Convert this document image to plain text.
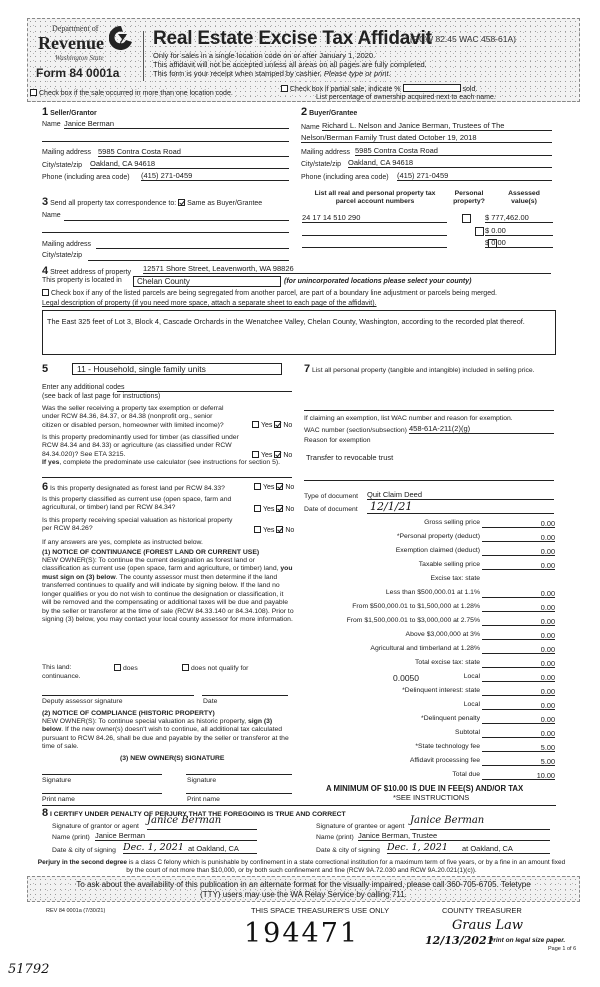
Department of
Revenue
Washington State
Form 84 0001a
Real Estate Excise Tax Affidavit
(RCW 82.45 WAC 458-61A)
Only for sales in a single location code on or after January 1, 2020.
This affidavit will not be accepted unless all areas on all pages are fully completed.
This form is your receipt when stamped by cashier. Please type or print.
Check box if the sale occurred in more than one location code.
Check box if partial sale, indicate %	sold.
List percentage of ownership acquired next to each name.
1 Seller/Grantor
Name Janice Berman
Mailing address 5985 Contra Costa Road
City/state/zip Oakland, CA 94618
Phone (including area code) (415) 271-0459
3 Send all property tax correspondence to: Same as Buyer/Grantee
Name
Mailing address
City/state/zip
2 Buyer/Grantee
Name Richard L. Nelson and Janice Berman, Trustees of The
Nelson/Berman Family Trust dated October 19, 2018
Mailing address 5985 Contra Costa Road
City/state/zip Oakland, CA 94618
Phone (including area code) (415) 271-0459
List all real and personal property tax parcel account numbers
Personal property?
Assessed value(s)
24 17 14 510 290
	$ 777,462.00

$ 0.00
$ 0.00
4 Street address of property 12571 Shore Street, Leavenworth, WA 98826
This property is located in	Chelan County	(for unincorporated locations please select your county)
Check box if any of the listed parcels are being segregated from another parcel, are part of a boundary line adjustment or parcels being merged.
Legal description of property (if you need more space, attach a separate sheet to each page of the affidavit).
The East 325 feet of Lot 3, Block 4, Cascade Orchards in the Wenatchee Valley, Chelan County, Washington, according to the recorded plat thereof.
5	11 - Household, single family units
Enter any additional codes
(see back of last page for instructions)
Was the seller receiving a property tax exemption or deferral under RCW 84.36, 84.37, or 84.38 (nonprofit org., senior citizen or disabled person, homeowner with limited income)?	Yes No
Is this property predominantly used for timber (as classified under RCW 84.34 and 84.33) or agriculture (as classified under RCW 84.34.020)? See ETA 3215.	Yes No
If yes, complete the predominate use calculator (see instructions for section 5).
6 Is this property designated as forest land per RCW 84.33?	Yes No
Is this property classified as current use (open space, farm and agricultural, or timber) land per RCW 84.34?	Yes No
Is this property receiving special valuation as historical property per RCW 84.26?	Yes No
If any answers are yes, complete as instructed below.
(1) NOTICE OF CONTINUANCE (FOREST LAND OR CURRENT USE)
NEW OWNER(S): To continue the current designation as forest land or classification as current use (open space, farm and agriculture, or timber) land, you must sign on (3) below. The county assessor must then determine if the land transferred continues to qualify and will indicate by signing below. If the land no longer qualifies or you do not wish to continue the designation or classification, it will be removed and the compensating or additional taxes will be due and payable by the seller or transferor at the time of sale (RCW 84.33.140 or 84.34.108). Prior to signing (3) below, you may contact your local county assessor for more information.
This land:	does	does not qualify for
continuance.
Deputy assessor signature	Date
(2) NOTICE OF COMPLIANCE (HISTORIC PROPERTY)
NEW OWNER(S): To continue special valuation as historic property, sign (3) below. If the new owner(s) doesn't wish to continue, all additional tax calculated pursuant to RCW 84.26, shall be due and payable by the seller or transferor at the time of sale.
(3) NEW OWNER(S) SIGNATURE
Signature	Signature
Print name	Print name
7 List all personal property (tangible and intangible) included in selling price.
If claiming an exemption, list WAC number and reason for exemption.
WAC number (section/subsection) 458-61A-211(2)(g)
Reason for exemption
Transfer to revocable trust
Type of document Quit Claim Deed
Date of document 12/1/21
Gross selling price	0.00
*Personal property (deduct)	0.00
Exemption claimed (deduct)	0.00
Taxable selling price	0.00
Excise tax: state
Less than $500,000.01 at 1.1%	0.00
From $500,000.01 to $1,500,000 at 1.28%	0.00
From $1,500,000.01 to $3,000,000 at 2.75%	0.00
Above $3,000,000 at 3%	0.00
Agricultural and timberland at 1.28%	0.00
Total excise tax: state	0.00
0.0050	Local	0.00
*Delinquent interest: state	0.00
Local	0.00
*Delinquent penalty	0.00
Subtotal	0.00
*State technology fee	5.00
Affidavit processing fee	5.00
Total due	10.00
A MINIMUM OF $10.00 IS DUE IN FEE(S) AND/OR TAX
*SEE INSTRUCTIONS
8 I CERTIFY UNDER PENALTY OF PERJURY THAT THE FOREGOING IS TRUE AND CORRECT
Signature of grantor or agent
Janice Berman
Name (print) Janice Berman
Date & city of signing Dec. 1, 2021 at Oakland, CA
Signature of grantee or agent
Janice Berman
Name (print) Janice Berman, Trustee
Date & city of signing Dec. 1, 2021 at Oakland, CA
Perjury in the second degree is a class C felony which is punishable by confinement in a state correctional institution for a maximum term of five years, or by a fine in an amount fixed by the court of not more than $10,000, or by both such confinement and fine (RCW 9A.72.030 and RCW 9A.20.021(1)(c)).
To ask about the availability of this publication in an alternate format for the visually impaired, please call 360-705-6705. Teletype (TTY) users may use the WA Relay Service by calling 711.
REV 84 0001a (7/30/21)	THIS SPACE TREASURER'S USE ONLY
194471
COUNTY TREASURER
Graus Law
12/13/2021
Print on legal size paper.
Page 1 of 6
51792
